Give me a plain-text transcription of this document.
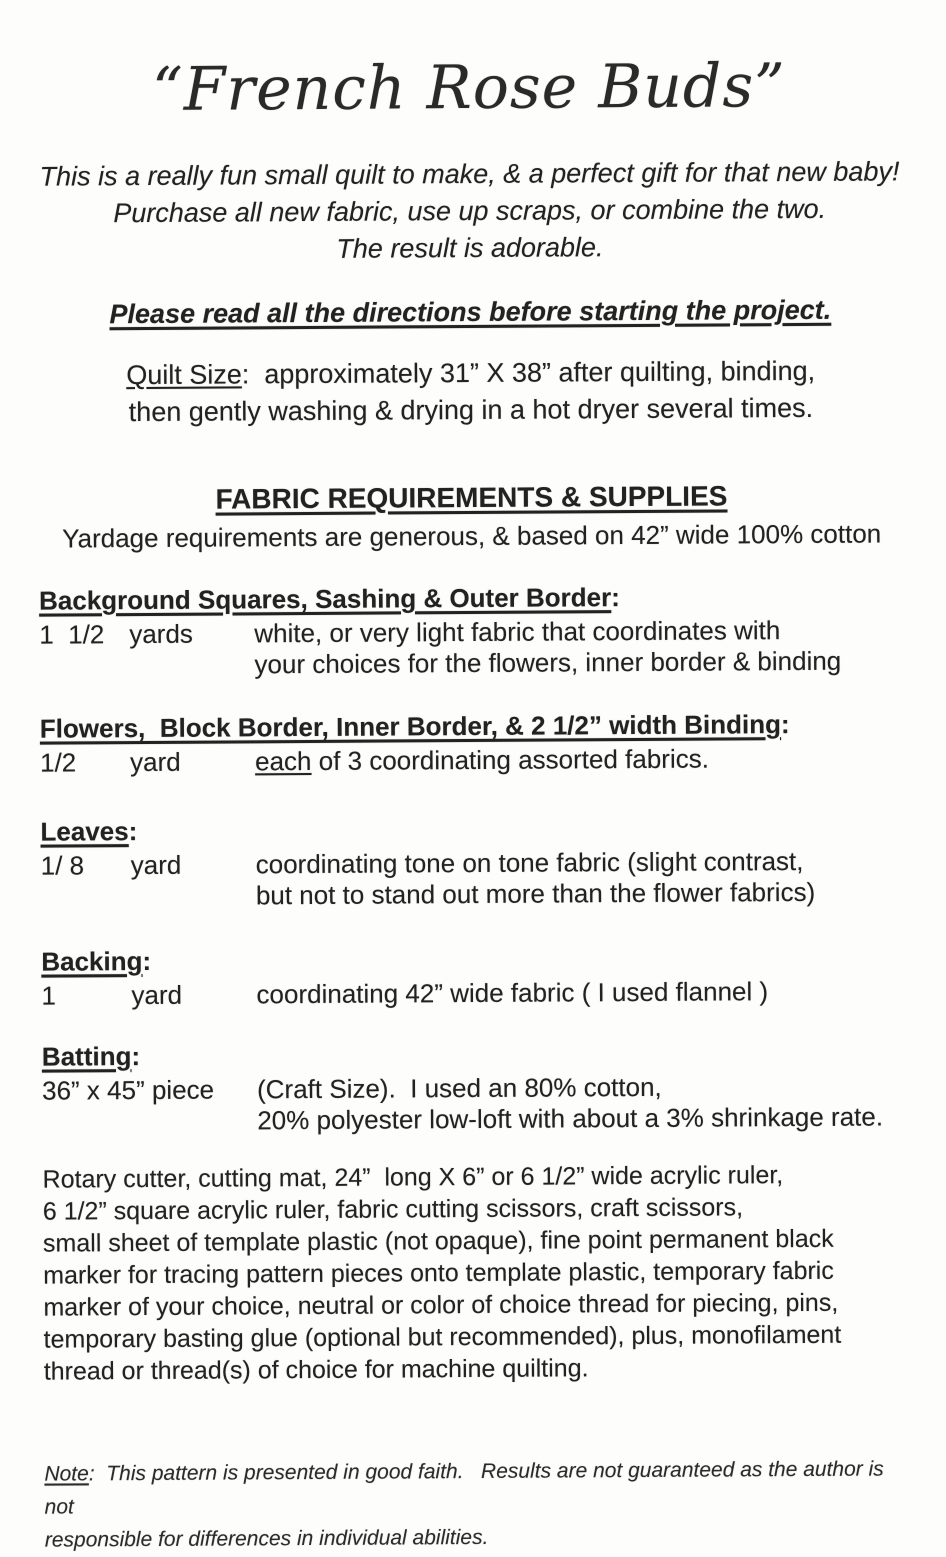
“French Rose Buds”
This is a really fun small quilt to make, & a perfect gift for that new baby!
Purchase all new fabric, use up scraps, or combine the two.
The result is adorable.
Please read all the directions before starting the project.
Quilt Size:  approximately 31” X 38” after quilting, binding,
then gently washing & drying in a hot dryer several times.
FABRIC REQUIREMENTS & SUPPLIES
Yardage requirements are generous, & based on 42” wide 100% cotton
Background Squares, Sashing & Outer Border:
1  1/2 yards	white, or very light fabric that coordinates with
your choices for the flowers, inner border & binding
Flowers,  Block Border, Inner Border, & 2 1/2” width Binding:
1/2	yard	each of 3 coordinating assorted fabrics.
Leaves:
1/ 8	yard	coordinating tone on tone fabric (slight contrast,
but not to stand out more than the flower fabrics)
Backing:
1	yard	coordinating 42” wide fabric ( I used flannel )
Batting:
36” x 45” piece	(Craft Size).  I used an 80% cotton,
20% polyester low-loft with about a 3% shrinkage rate.
Rotary cutter, cutting mat, 24”  long X 6” or 6 1/2” wide acrylic ruler,
6 1/2” square acrylic ruler, fabric cutting scissors, craft scissors,
small sheet of template plastic (not opaque), fine point permanent black
marker for tracing pattern pieces onto template plastic, temporary fabric
marker of your choice, neutral or color of choice thread for piecing, pins,
temporary basting glue (optional but recommended), plus, monofilament
thread or thread(s) of choice for machine quilting.
Note: This pattern is presented in good faith.   Results are not guaranteed as the author is not
responsible for differences in individual abilities.
